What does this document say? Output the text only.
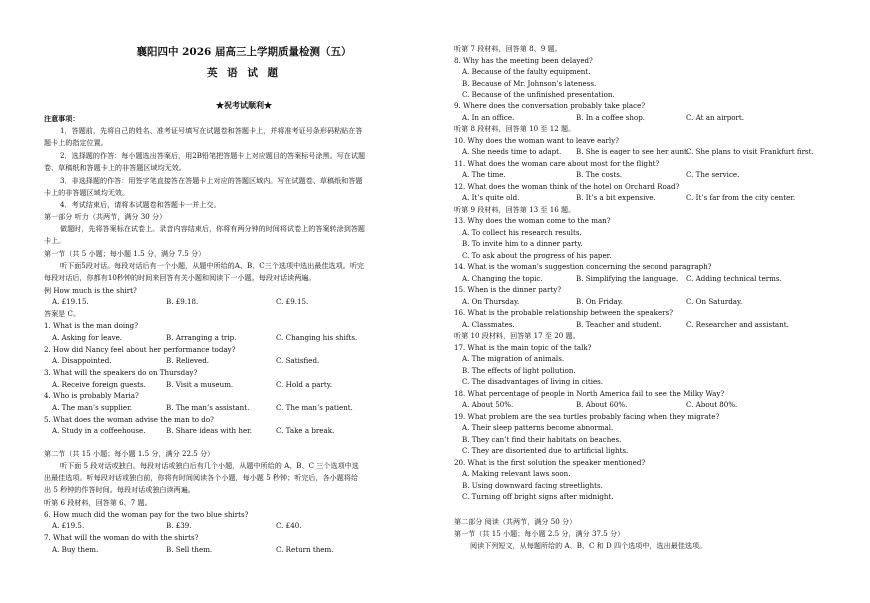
襄阳四中 2026 届高三上学期质量检测（五）
英 语 试 题
★祝考试顺利★
注意事项：
1．答题前，先将自己的姓名、准考证号填写在试题卷和答题卡上，并将准考证号条形码粘贴在答
题卡上的指定位置。
2．选择题的作答：每小题选出答案后，用2B铅笔把答题卡上对应题目的答案标号涂黑。写在试题
卷、草稿纸和答题卡上的非答题区域均无效。
3．非选择题的作答：用签字笔直接答在答题卡上对应的答题区域内。写在试题卷、草稿纸和答题
卡上的非答题区域均无效。
4．考试结束后，请将本试题卷和答题卡一并上交。
第一部分 听力（共两节，满分 30 分）
做题时，先将答案标在试卷上。录音内容结束后，你将有两分钟的时间将试卷上的答案转涂到答题
卡上。
第一节（共 5 小题；每小题 1.5 分，满分 7.5 分）
听下面5段对话。每段对话后有一个小题，从题中所给的A、B、C三个选项中选出最佳选项。听完
每段对话后，你都有10秒钟的时间来回答有关小题和阅读下一小题。每段对话读两遍。
例 How much is the shirt?
A. £19.15.	B. £9.18.	C. £9.15.
答案是 C。
1. What is the man doing?
A. Asking for leave.	B. Arranging a trip.	C. Changing his shifts.
2. How did Nancy feel about her performance today?
A. Disappointed.	B. Relieved.	C. Satisfied.
3. What will the speakers do on Thursday?
A. Receive foreign guests.	B. Visit a museum.	C. Hold a party.
4. Who is probably Maria?
A. The man’s supplier.	B. The man’s assistant.	C. The man’s patient.
5. What does the woman advise the man to do?
A. Study in a coffeehouse.	B. Share ideas with her.	C. Take a break.
第二节（共 15 小题；每小题 1.5 分，满分 22.5 分）
听下面 5 段对话或独白。每段对话或独白后有几个小题，从题中所给的 A、B、C 三个选项中选
出最佳选项。听每段对话或独白前，你将有时间阅读各个小题，每小题 5 秒钟；听完后，各小题将给
出 5 秒钟的作答时间。每段对话或独白读两遍。
听第 6 段材料，回答第 6、7 题。
6. How much did the woman pay for the two blue shirts?
A. £19.5.	B. £39.	C. £40.
7. What will the woman do with the shirts?
A. Buy them.	B. Sell them.	C. Return them.
听第 7 段材料，回答第 8、9 题。
8. Why has the meeting been delayed?
A. Because of the faulty equipment.
B. Because of Mr. Johnson’s lateness.
C. Because of the unfinished presentation.
9. Where does the conversation probably take place?
A. In an office.	B. In a coffee shop.	C. At an airport.
听第 8 段材料，回答第 10 至 12 题。
10. Why does the woman want to leave early?
A. She needs time to adapt. B. She is eager to see her aunt.
C. She plans to visit Frankfurt first.
11. What does the woman care about most for the flight?
A. The time.	B. The costs.	C. The service.
12. What does the woman think of the hotel on Orchard Road?
A. It’s quite old.	B. It’s a bit expensive.	C. It’s far from the city center.
听第 9 段材料，回答第 13 至 16 题。
13. Why does the woman come to the man?
A. To collect his research results.
B. To invite him to a dinner party.
C. To ask about the progress of his paper.
14. What is the woman’s suggestion concerning the second paragraph?
A. Changing the topic.	B. Simplifying the language. C. Adding technical terms.
15. When is the dinner party?
A. On Thursday.	B. On Friday.	C. On Saturday.
16. What is the probable relationship between the speakers?
A. Classmates.	B. Teacher and student.	C. Researcher and assistant.
听第 10 段材料，回答第 17 至 20 题。
17. What is the main topic of the talk?
A. The migration of animals.
B. The effects of light pollution.
C. The disadvantages of living in cities.
18. What percentage of people in North America fail to see the Milky Way?
A. About 50%.	B. About 60%.	C. About 80%.
19. What problem are the sea turtles probably facing when they migrate?
A. Their sleep patterns become abnormal.
B. They can’t find their habitats on beaches.
C. They are disoriented due to artificial lights.
20. What is the first solution the speaker mentioned?
A. Making relevant laws soon.
B. Using downward facing streetlights.
C. Turning off bright signs after midnight.
第二部分 阅读（共两节，满分 50 分）
第一节（共 15 小题；每小题 2.5 分，满分 37.5 分）
阅读下列短文，从每题所给的 A、B、C 和 D 四个选项中，选出最佳选项。
